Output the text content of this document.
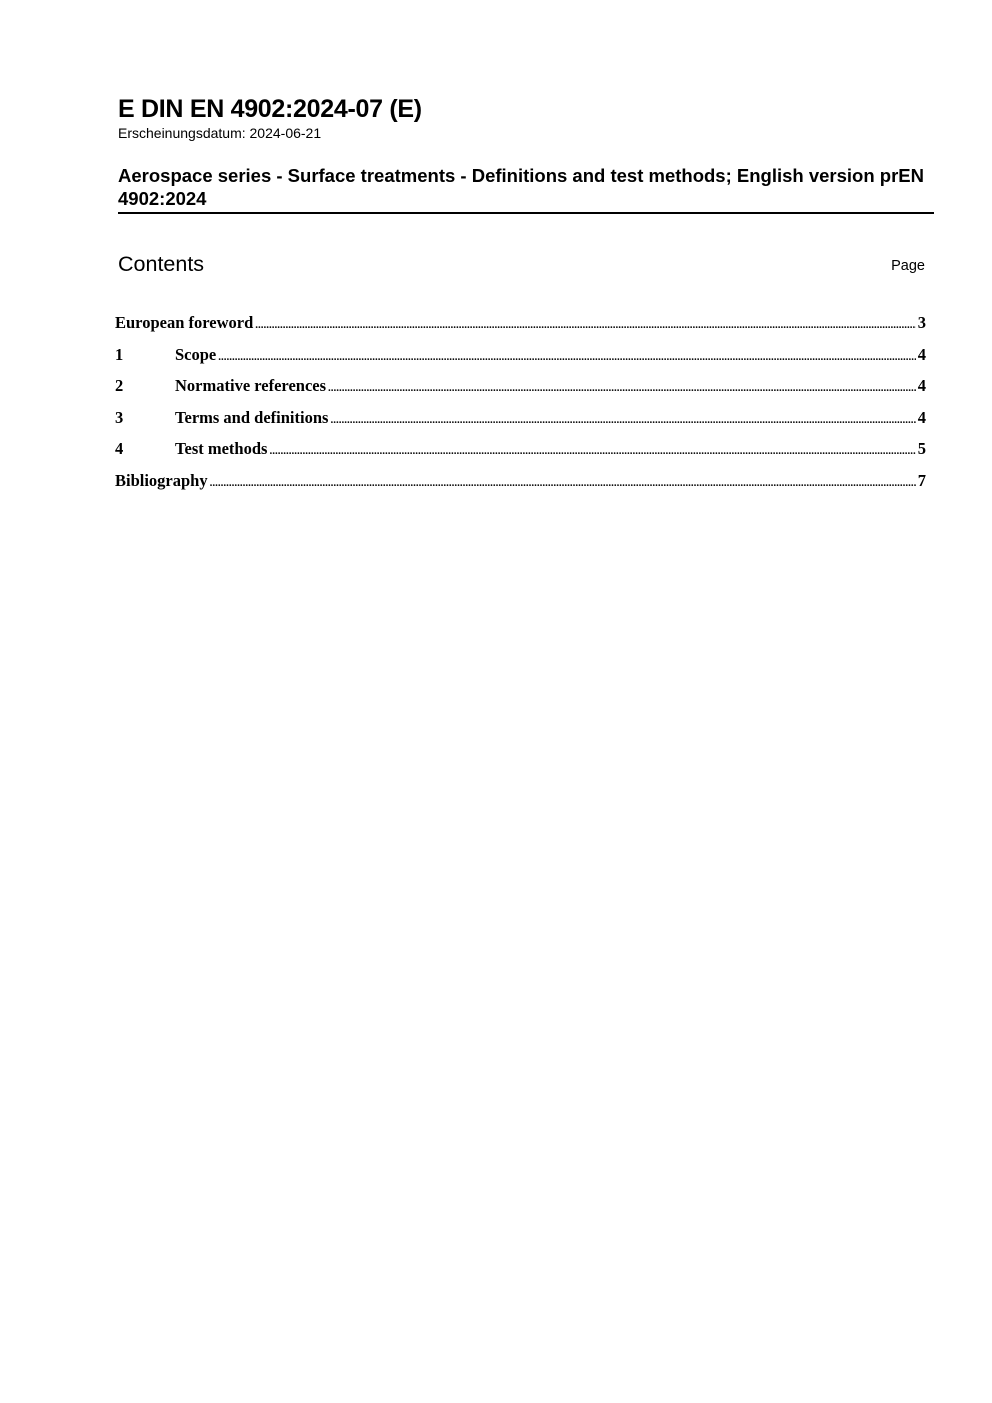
E DIN EN 4902:2024-07 (E)

Erscheinungsdatum: 2024-06-21

Aerospace series - Surface treatments - Definitions and test methods; English version prEN 4902:2024
Contents	Page
European foreword .....	3
1	Scope .....	4
2	Normative references .....	4
3	Terms and definitions .....	4
4	Test methods .....	5
Bibliography .....	7
